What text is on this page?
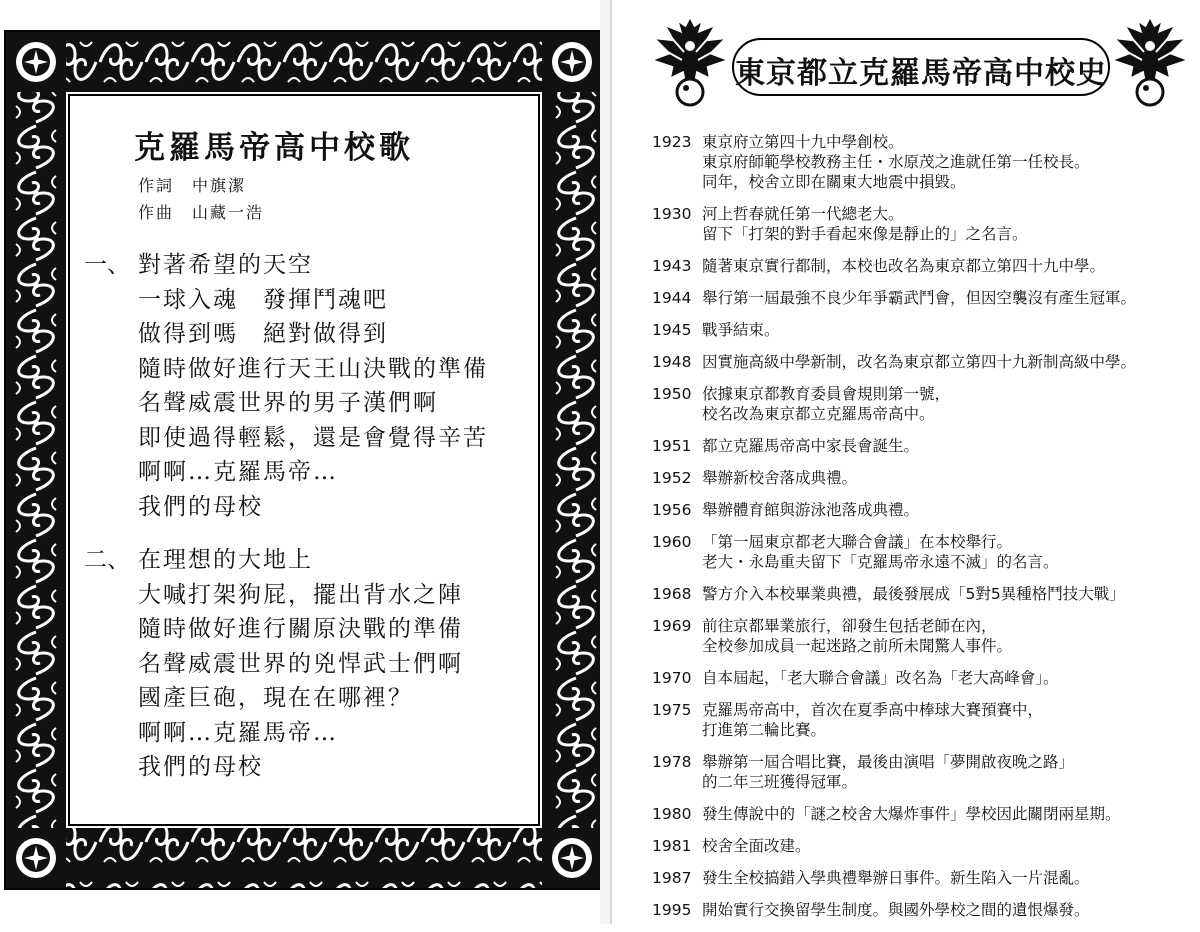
克羅馬帝高中校歌
作詞 中旗潔
作曲 山藏一浩
一、 對著希望的天空
一球入魂　發揮鬥魂吧
做得到嗎　絕對做得到
隨時做好進行天王山決戰的準備
名聲威震世界的男子漢們啊
即使過得輕鬆，還是會覺得辛苦
啊啊…克羅馬帝…
我們的母校
二、 在理想的大地上
大喊打架狗屁，擺出背水之陣
隨時做好進行關原決戰的準備
名聲威震世界的兇悍武士們啊
國產巨砲，現在在哪裡？
啊啊…克羅馬帝…
我們的母校
東京都立克羅馬帝高中校史
1923 東京府立第四十九中學創校。
東京府師範學校教務主任・水原茂之進就任第一任校長。
同年，校舍立即在關東大地震中損毀。
1930 河上哲春就任第一代總老大。
留下「打架的對手看起來像是靜止的」之名言。
1943 隨著東京實行都制，本校也改名為東京都立第四十九中學。
1944 舉行第一屆最強不良少年爭霸武鬥會，但因空襲沒有產生冠軍。
1945 戰爭結束。
1948 因實施高級中學新制，改名為東京都立第四十九新制高級中學。
1950 依據東京都教育委員會規則第一號，
校名改為東京都立克羅馬帝高中。
1951 都立克羅馬帝高中家長會誕生。
1952 舉辦新校舍落成典禮。
1956 舉辦體育館與游泳池落成典禮。
1960 「第一屆東京都老大聯合會議」在本校舉行。
老大・永島重夫留下「克羅馬帝永遠不滅」的名言。
1968 警方介入本校畢業典禮，最後發展成「5對5異種格鬥技大戰」
1969 前往京都畢業旅行，卻發生包括老師在內，
全校參加成員一起迷路之前所未聞驚人事件。
1970 自本屆起，「老大聯合會議」改名為「老大高峰會」。
1975 克羅馬帝高中，首次在夏季高中棒球大賽預賽中，
打進第二輪比賽。
1978 舉辦第一屆合唱比賽，最後由演唱「夢開啟夜晚之路」
的二年三班獲得冠軍。
1980 發生傳說中的「謎之校舍大爆炸事件」學校因此關閉兩星期。
1981 校舍全面改建。
1987 發生全校搞錯入學典禮舉辦日事件。新生陷入一片混亂。
1995 開始實行交換留學生制度。與國外學校之間的遺恨爆發。
